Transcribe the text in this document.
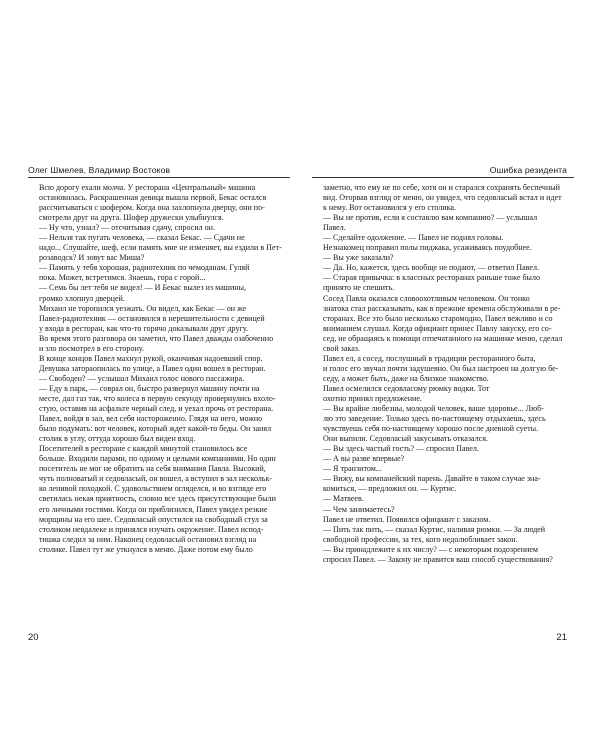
Олег Шмелев, Владимир Востоков

Всю дорогу ехали молча. У ресторана «Центральный» машина

остановилась. Раскрашенная девица вышла первой, Бекас остался

рассчитываться с шофером. Когда она захлопнула дверцу, они по-

смотрели друг на друга. Шофер дружески улыбнулся.

— Ну что, узнал? — отсчитывая сдачу, спросил он.

— Нельзя так пугать человека, — сказал Бекас. — Сдачи не

надо... Слушайте, шеф, если память мне не изменяет, вы ездили в Пет-

розаводск? И зовут вас Миша?

— Память у тебя хорошая, радиотехник по чемоданам. Гуляй

пока. Может, встретимся. Знаешь, гора с горой...

— Семь бы лет тебя не видел! — И Бекас вылез из машины,

громко хлопнул дверцей.

Михаил не торопился уезжать. Он видел, как Бекас — он же

Павел-радиотехник — остановился в нерешительности с девицей

у входа в ресторан, как что-то горячо доказывали друг другу.

Во время этого разговора он заметил, что Павел дважды озабоченно

и зло посмотрел в его сторону.

В конце концов Павел махнул рукой, оканчивая надоевший спор.

Девушка затораопилась по улице, а Павел один вошел в ресторан.

— Свободен? — услышал Михаил голос нового пассажира.

— Еду в парк, — соврал он, быстро развернул машину почти на

месте, дал газ так, что колеса в первую секунду провернулись вхоло-

стую, оставив на асфальте черный след, и уехал прочь от ресторана.

Павел, войдя в зал, вел себя настороженно. Глядя на него, можно

было подумать: вот человек, который ждет какой-то беды. Он занял

столик в углу, оттуда хорошо был виден вход.

Посетителей в ресторане с каждой минутой становилось все

больше. Входили парами, по одному и целыми компаниями. Но один

посетитель не мог не обратить на себя внимания Павла. Высокий,

чуть полноватый и седовласый, он вошел, а вступил в зал нескольк-

ко ленивой походкой. С удовольствием огляделся, и во взгляде его

светилась некая приятность, словно все здесь присутствующие были

его личными гостями. Когда он приблизился, Павел увидел резкие

морщины на его шее. Седовласый опустился на свободный стул за

столиком невдалеке и принялся изучать окружение. Павел испод-

тишка следил за ним. Наконец седовласый остановил взгляд на

столике. Павел тут же уткнулся в меню. Даже потом ему было

20
Ошибка резидента

заметно, что ему не по себе, хотя он и старался сохранять беспечный

вид. Оторвав взгляд от меню, он увидел, что седовласый встал и идет

к нему. Вот остановился у его столика.

— Вы не против, если я составлю вам компанию? — услышал

Павел.

— Сделайте одолжение. — Павел не поднял головы.

Незнакомец поправил полы пиджака, усаживаясь поудобнее.

— Вы уже заказали?

— Да. Но, кажется, здесь вообще не подают, — ответил Павел.

— Старая привычка: в классных ресторанах раньше тоже было

принято не спешить.

Сосед Павла оказался словоохотливым человеком. Он тонко

знатока стал рассказывать, как в прежние времена обслуживали в ре-

сторанах. Все это было несколько старомодно, Павел вежливо и со

вниманием слушал. Когда официант принес Павлу закуску, его со-

сед, не обращаясь к помощи отпечатанного на машинке меню, сделал

свой заказ.

Павел ел, а сосед, послушный в традиции ресторанного быта,

и голос его звучал почти задушевно. Он был настроен на долгую бе-

седу, а может быть, даже на близкое знакомство.

Павел осмелился седовласому рюмку водки. Тот

охотно принял предложение.

— Вы крайне любезны, молодой человек, ваше здоровье... Люб-

лю это заведение. Только здесь по-настоящему отдыхаешь, здесь

чувствуешь себя по-настоящему хорошо после дневной суеты.

Они выпили. Седовласый закусывать отказался.

— Вы здесь частый гость? — спросил Павел.

— А вы разве впервые?

— Я транзитом...

— Вижу, вы компанейский парень. Давайте в таком случае зна-

комиться, — предложил он. — Куртис.

— Матвеев.

— Чем занимаетесь?

Павел не ответил. Появился официант с заказом.

— Пить так пить, — сказал Куртис, наливая рюмки. — За людей

свободной профессии, за тех, кого недолюбливает закон.

— Вы принадлежите к их числу? — с некоторым подозрением

спросил Павел. — Закону не правится ваш способ существования?

21
